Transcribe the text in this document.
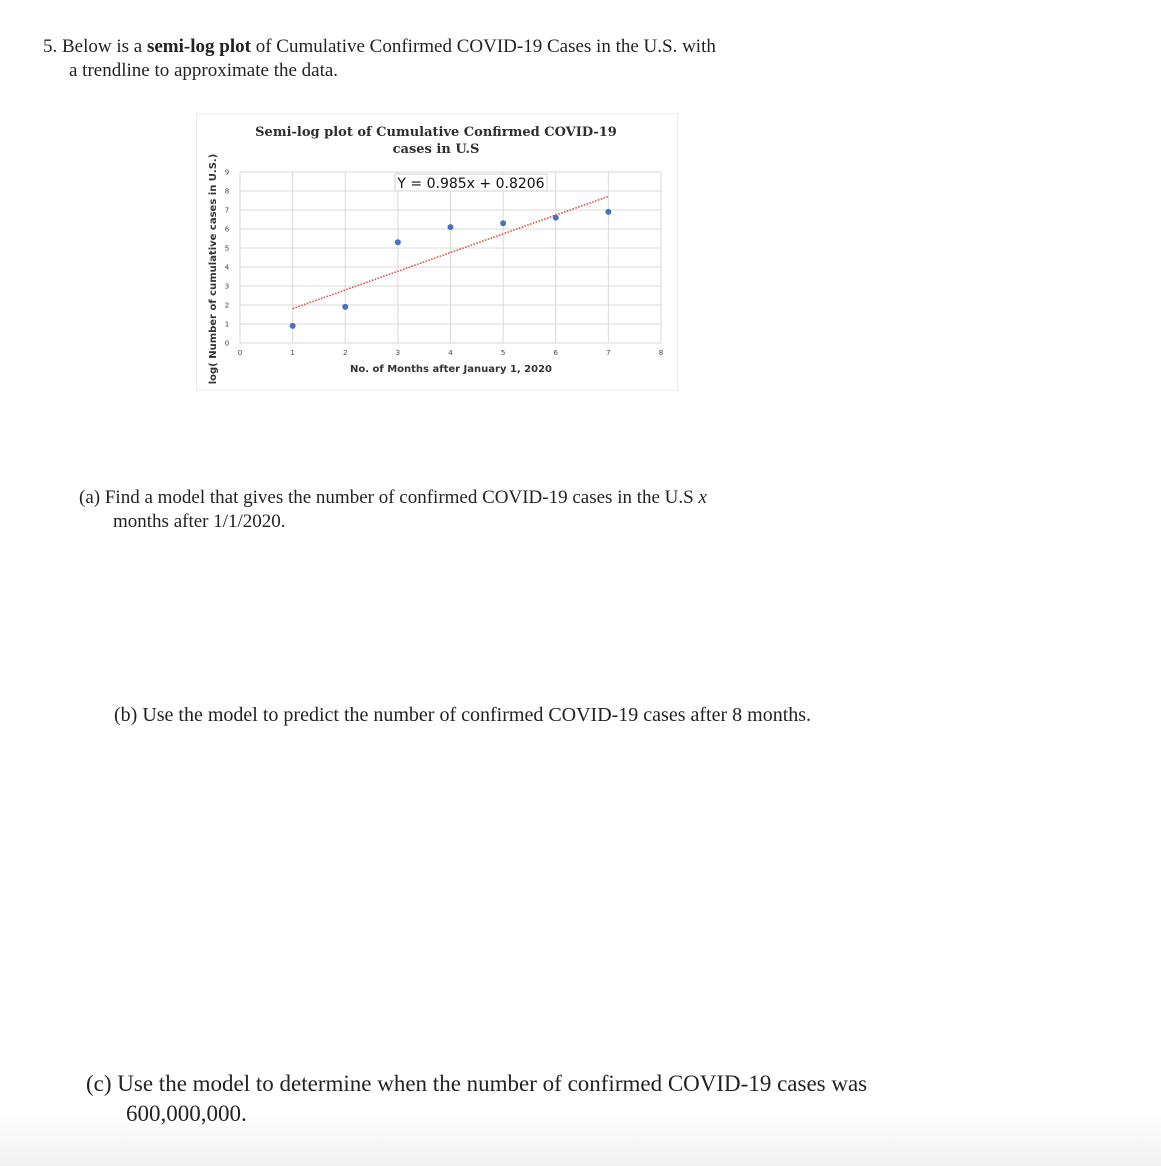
5. Below is a semi-log plot of Cumulative Confirmed COVID-19 Cases in the U.S. with
a trendline to approximate the data.
Semi-log plot of Cumulative Confirmed COVID-19
cases in U.S
0	1	2	3	4	5	6	7	8
0
1
2
3
4
5
6
7
8
9
Y = 0.985x + 0.8206
No. of Months after January 1, 2020
log( Number of cumulative cases in U.S.)
(a) Find a model that gives the number of confirmed COVID-19 cases in the U.S x
months after 1/1/2020.
(b) Use the model to predict the number of confirmed COVID-19 cases after 8 months.
(c) Use the model to determine when the number of confirmed COVID-19 cases was
600,000,000.
